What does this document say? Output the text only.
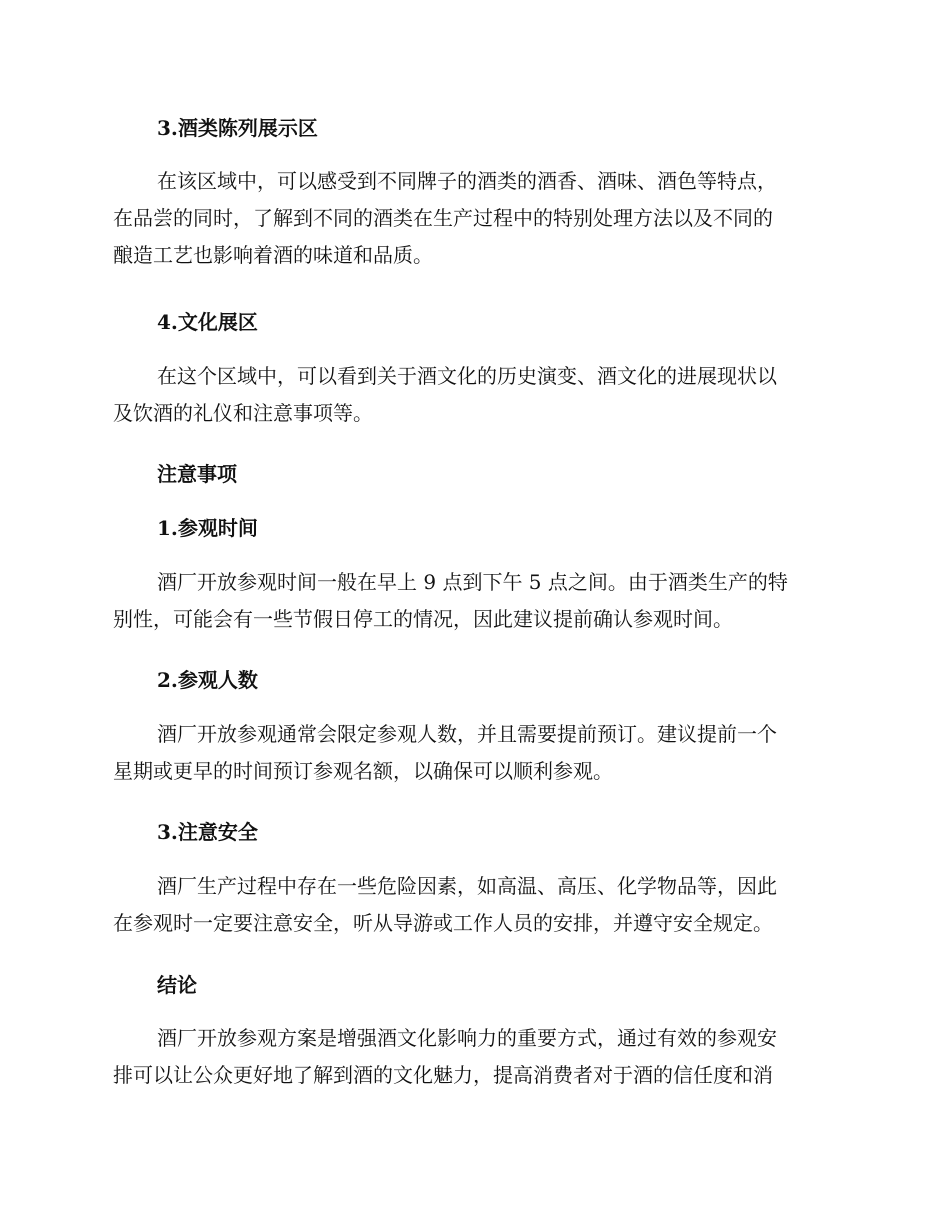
3.酒类陈列展示区
在该区域中，可以感受到不同牌子的酒类的酒香、酒味、酒色等特点，
在品尝的同时，了解到不同的酒类在生产过程中的特别处理方法以及不同的
酿造工艺也影响着酒的味道和品质。
4.文化展区
在这个区域中，可以看到关于酒文化的历史演变、酒文化的进展现状以
及饮酒的礼仪和注意事项等。
注意事项
1.参观时间
酒厂开放参观时间一般在早上 9 点到下午 5 点之间。由于酒类生产的特
别性，可能会有一些节假日停工的情况，因此建议提前确认参观时间。
2.参观人数
酒厂开放参观通常会限定参观人数，并且需要提前预订。建议提前一个
星期或更早的时间预订参观名额，以确保可以顺利参观。
3.注意安全
酒厂生产过程中存在一些危险因素，如高温、高压、化学物品等，因此
在参观时一定要注意安全，听从导游或工作人员的安排，并遵守安全规定。
结论
酒厂开放参观方案是增强酒文化影响力的重要方式，通过有效的参观安
排可以让公众更好地了解到酒的文化魅力，提高消费者对于酒的信任度和消
